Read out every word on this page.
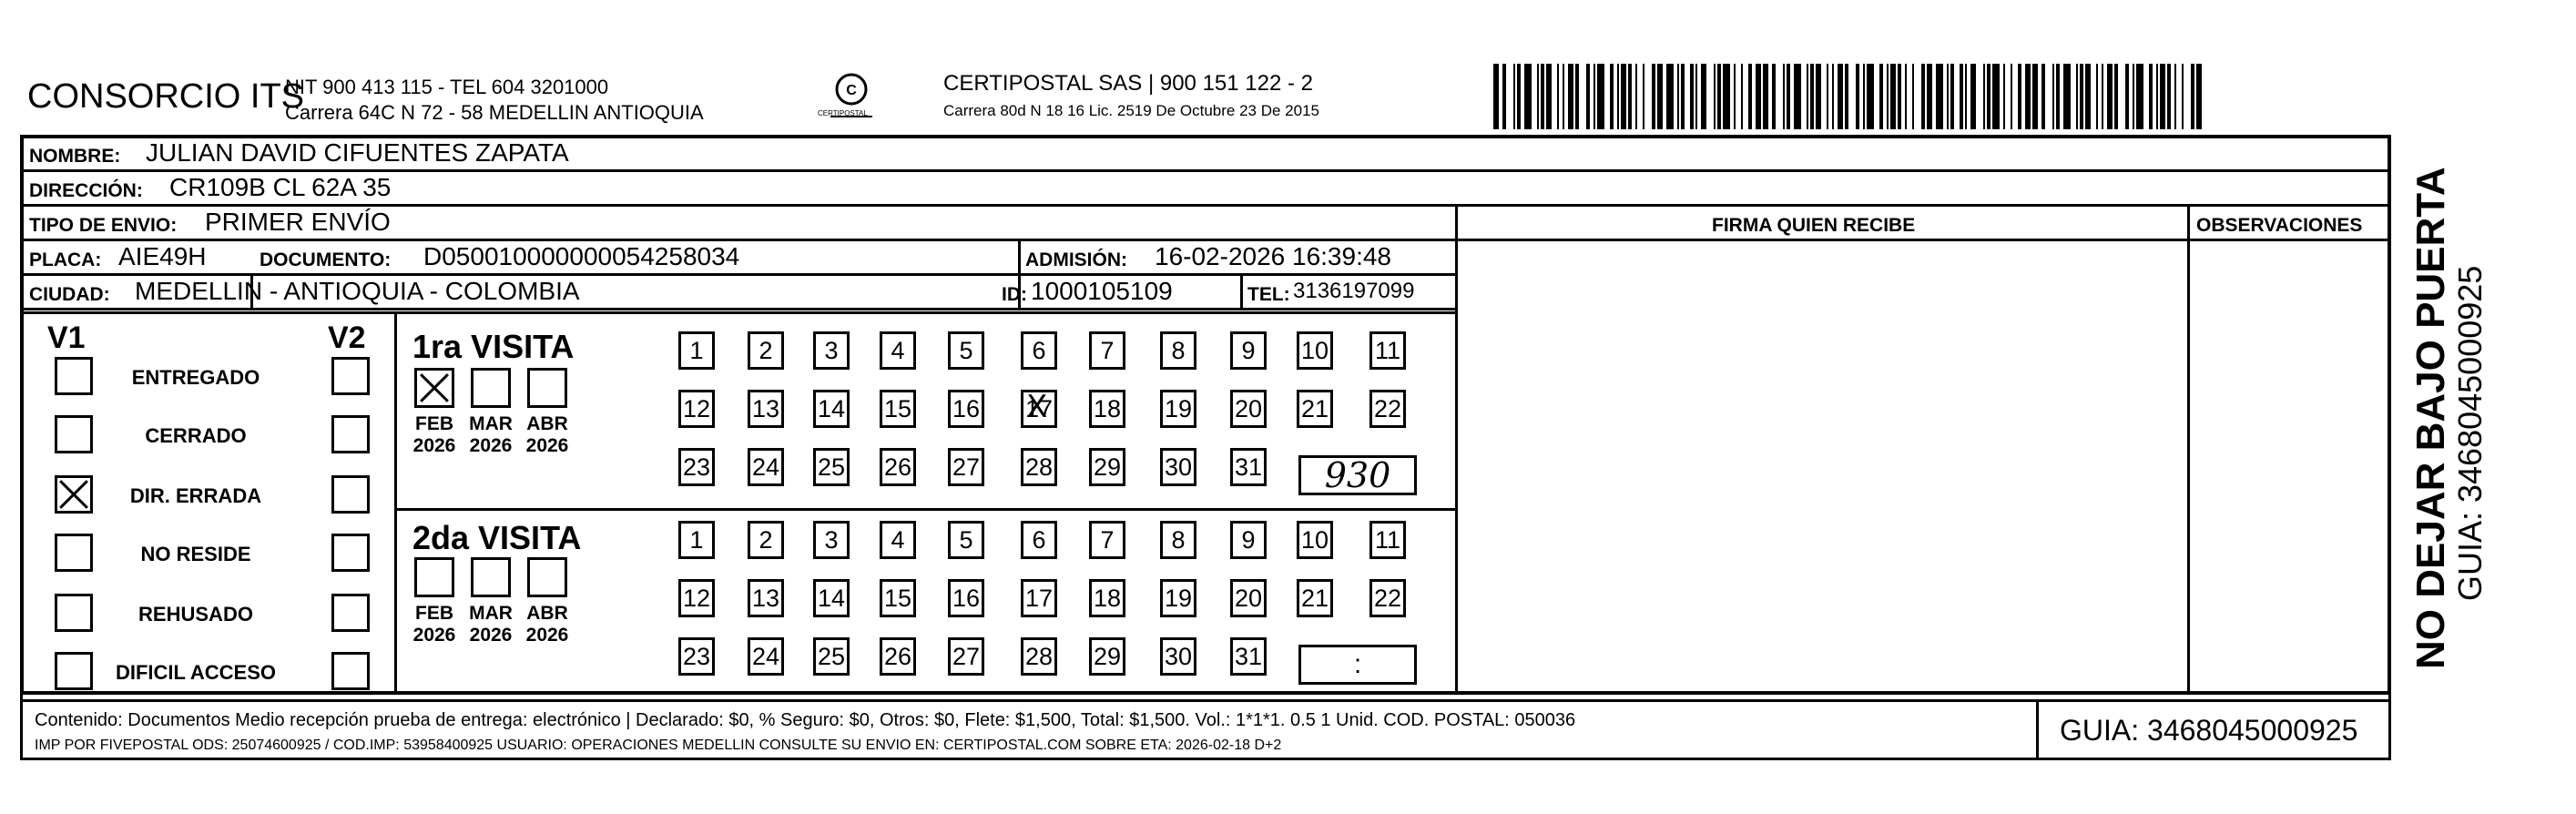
CONSORCIO ITS
NIT 900 413 115 - TEL 604 3201000
Carrera 64C N 72 - 58 MEDELLIN ANTIOQUIA
C
CERTIPOSTAL
CERTIPOSTAL SAS | 900 151 122 - 2
Carrera 80d N 18 16 Lic. 2519 De Octubre 23 De 2015
NOMBRE: JULIAN DAVID CIFUENTES ZAPATA
DIRECCIÓN: CR109B CL 62A 35
TIPO DE ENVIO: PRIMER ENVÍO	FIRMA QUIEN RECIBE	OBSERVACIONES
PLACA: AIE49H	DOCUMENTO: D050010000000054258034	ADMISIÓN: 16-02-2026 16:39:48
CIUDAD: MEDELLIN - ANTIOQUIA - COLOMBIA	ID: 1000105109	TEL: 3136197099
V1	V2
ENTREGADO
CERRADO
DIR. ERRADA
NO RESIDE
REHUSADO
DIFICIL ACCESO
1ra VISITA
FEB
2026
MAR
2026
ABR
2026
1	2	3	4	5	6	7	8	9	10 11
12 13 14 15 16 17 X 18 19 20 21 22
23 24 25 26 27 28 29 30 31	930
2da VISITA
FEB
2026
MAR
2026
ABR
2026
1	2	3	4	5	6	7	8	9	10 11
12 13 14 15 16 17 18 19 20 21 22
23 24 25 26 27 28 29 30 31	:
Contenido: Documentos Medio recepción prueba de entrega: electrónico | Declarado: $0, % Seguro: $0, Otros: $0, Flete: $1,500, Total: $1,500. Vol.: 1*1*1. 0.5 1 Unid. COD. POSTAL: 050036
IMP POR FIVEPOSTAL ODS: 25074600925 / COD.IMP: 53958400925 USUARIO: OPERACIONES MEDELLIN CONSULTE SU ENVIO EN: CERTIPOSTAL.COM SOBRE ETA: 2026-02-18 D+2	GUIA: 3468045000925
NO DEJAR BAJO PUERTA
GUIA: 3468045000925
